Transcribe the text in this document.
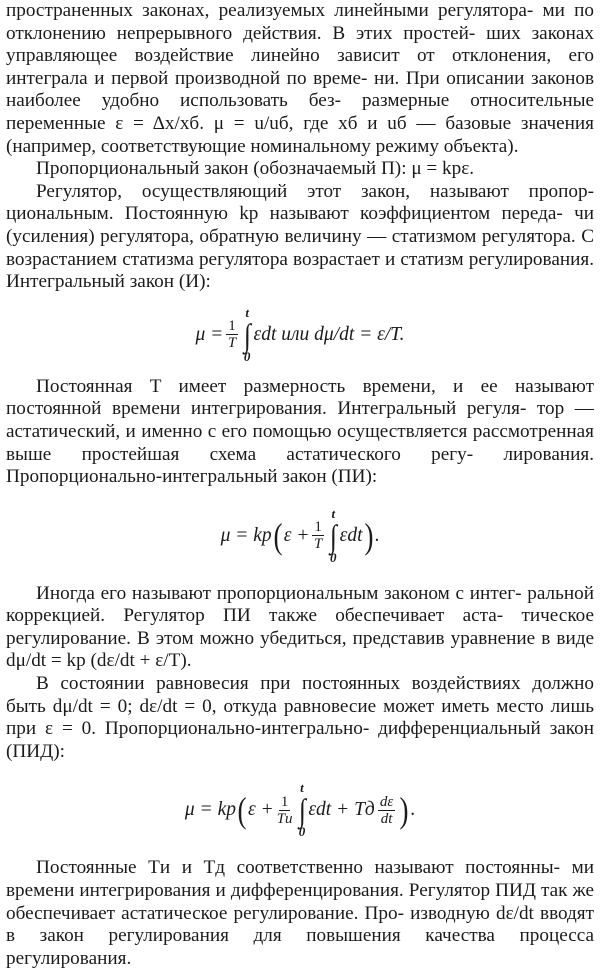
пространенных законах, реализуемых линейными регулятора- ми по отклонению непрерывного действия. В этих простей- ших законах управляющее воздействие линейно зависит от отклонения, его интеграла и первой производной по време- ни. При описании законов наиболее удобно использовать без- размерные относительные переменные ε = Δx/xб. μ = u/uб, где xб и uб — базовые значения (например, соответствующие номинальному режиму объекта).

Пропорциональный закон (обозначаемый П): μ = kpε.

Регулятор, осуществляющий этот закон, называют пропор- циональным. Постоянную kр называют коэффициентом переда- чи (усиления) регулятора, обратную величину — статизмом регулятора. С возрастанием статизма регулятора возрастает и статизм регулирования. Интегральный закон (И):

$\mu = \frac{1}{T}$
t
∫
0
εdt или dμ/dt = ε/T.

Постоянная T имеет размерность времени, и ее называют постоянной времени интегрирования. Интегральный регуля- тор — астатический, и именно с его помощью осуществляется рассмотренная выше простейшая схема астатического регу- лирования. Пропорционально-интегральный закон (ПИ):

μ = kр ( $\varepsilon + \frac{1}{T}$
t
∫
0
εdt ) .

Иногда его называют пропорциональным законом с интег- ральной коррекцией. Регулятор ПИ также обеспечивает аста- тическое регулирование. В этом можно убедиться, представив уравнение в виде dμ/dt = kр (dε/dt + ε/T).

В состоянии равновесия при постоянных воздействиях должно быть dμ/dt = 0; dε/dt = 0, откуда равновесие может иметь место лишь при ε = 0. Пропорционально-интегрально- дифференциальный закон (ПИД):

μ = kр ( $\varepsilon + \frac{1}{Tи}$
t
∫
0
εdt + Tд $\frac{d\varepsilon}{dt}$ ) .

Постоянные Tи и Tд соответственно называют постоянны- ми времени интегрирования и дифференцирования. Регулятор ПИД так же обеспечивает астатическое регулирование. Про- изводную dε/dt вводят в закон регулирования для повышения качества процесса регулирования.
